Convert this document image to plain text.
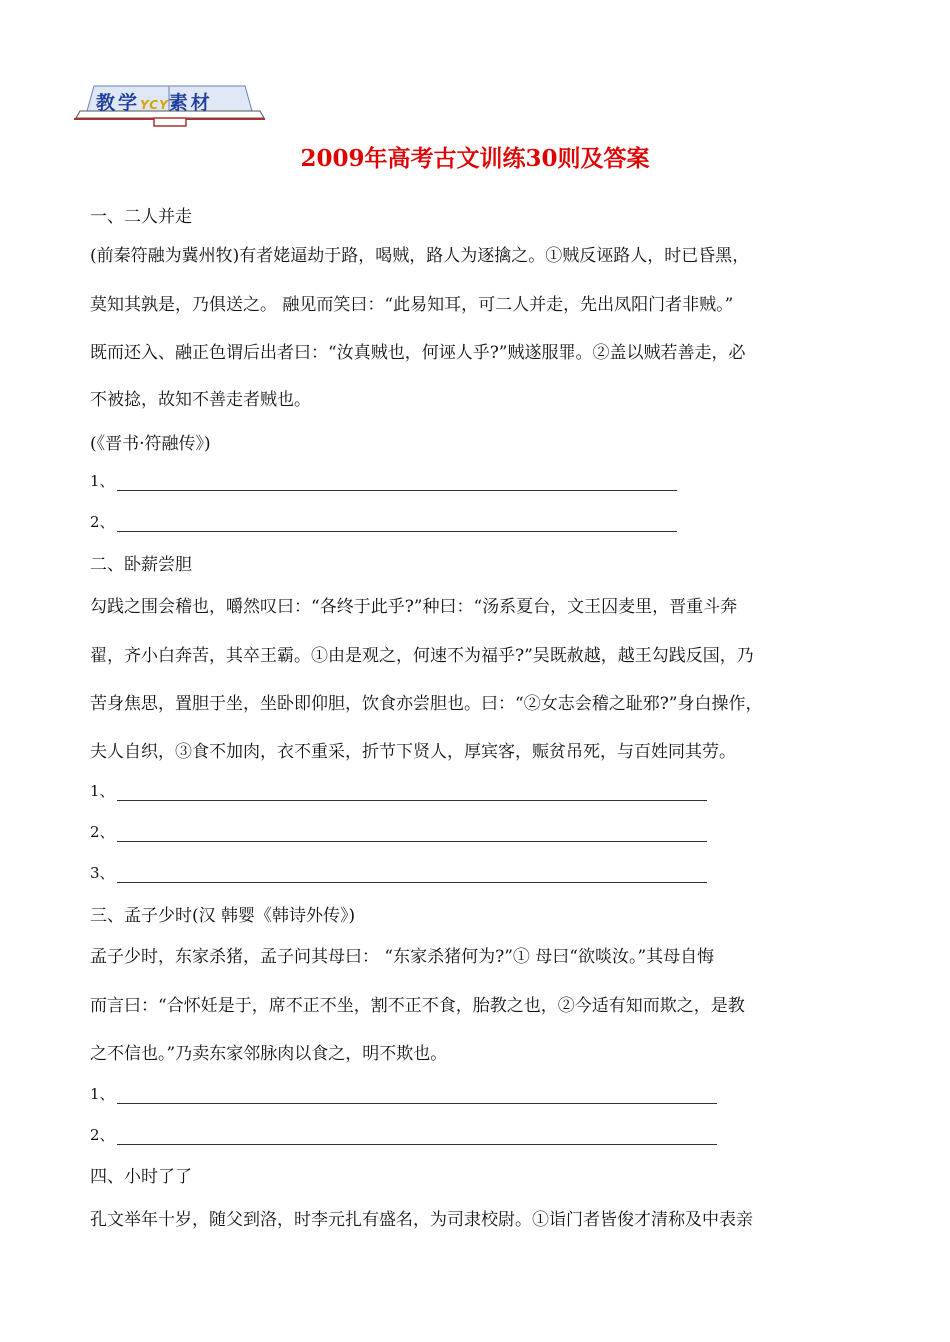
教学YCY素材
2009年高考古文训练30则及答案
一、二人并走
(前秦符融为冀州牧)有者姥逼劫于路，喝贼，路人为逐擒之。①贼反诬路人，时已昏黑，
莫知其孰是，乃俱送之。 融见而笑曰：“此易知耳，可二人并走，先出凤阳门者非贼。”
既而还入、融正色谓后出者曰：“汝真贼也，何诬人乎?”贼遂服罪。②盖以贼若善走，必
不被捻，故知不善走者贼也。
(《晋书·符融传》)
1、
2、
二、卧薪尝胆
勾践之围会稽也，嚼然叹曰：“各终于此乎?”种曰：“汤系夏台，文王囚麦里，晋重斗奔
翟，齐小白奔苦，其卒王霸。①由是观之，何速不为福乎?”吴既赦越，越王勾践反国，乃
苦身焦思，置胆于坐，坐卧即仰胆，饮食亦尝胆也。曰：“②女志会稽之耻邪?”身白操作，
夫人自织，③食不加肉，衣不重采，折节下贤人，厚宾客，赈贫吊死，与百姓同其劳。
1、
2、
3、
三、孟子少时(汉 韩婴《韩诗外传》)
孟子少时，东家杀猪，孟子问其母曰： “东家杀猪何为?”① 母曰“欲啖汝。”其母自悔
而言曰：“合怀妊是于，席不正不坐，割不正不食，胎教之也，②今适有知而欺之，是教
之不信也。”乃卖东家邻脉肉以食之，明不欺也。
1、
2、
四、小时了了
孔文举年十岁，随父到洛，时李元扎有盛名，为司隶校尉。①诣门者皆俊才清称及中表亲
